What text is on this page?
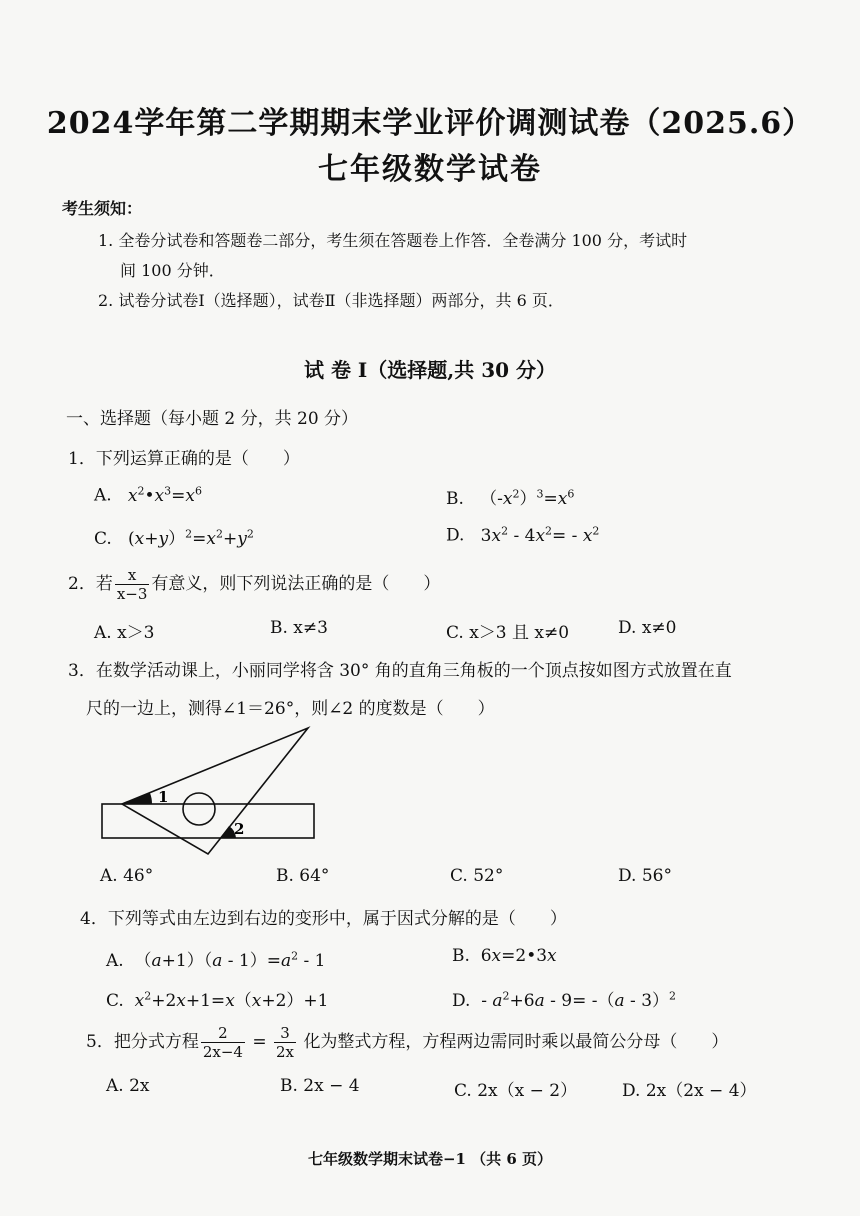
2024学年第二学期期末学业评价调测试卷（2025.6）
七年级数学试卷
考生须知：
1. 全卷分试卷和答题卷二部分，考生须在答题卷上作答．全卷满分 100 分，考试时
间 100 分钟．
2. 试卷分试卷Ⅰ（选择题），试卷Ⅱ（非选择题）两部分，共 6 页．
试 卷 I（选择题,共 30 分）
一、选择题（每小题 2 分，共 20 分）
1．下列运算正确的是（　　）
A. $x^2•x^3=x^6$	B.   $(-x^2)^3=x^6$
C.   $(x+y)^2=x^2+y^2$	D.   $3x^2 - 4x^2= - x^2$
2．若 $\frac{x}{x-3}$ 有意义，则下列说法正确的是（　　）
A. x＞3	B. x≠3	C. x＞3 且 x≠0	D. x≠0
3．在数学活动课上，小丽同学将含 30° 角的直角三角板的一个顶点按如图方式放置在直
尺的一边上，测得∠1＝26°，则∠2 的度数是（　　）
1
2
A. 46°	B. 64°	C. 52°	D. 56°
4．下列等式由左边到右边的变形中，属于因式分解的是（　　）
A.  $(a+1)(a - 1)=a^2 - 1$	B.  6x=2•3x
C. $x^2+2x+1=x(x+2)+1$	D.  - $a^2+6a - 9= -(a - 3)^2$
5．把分式方程 $\frac{2}{2x-4} = \frac{3}{2x}$ 化为整式方程，方程两边需同时乘以最简公分母（　　）
A. 2x	B. 2x − 4	C. 2x（x − 2）	D. 2x（2x − 4）
七年级数学期末试卷−1 （共 6 页）
